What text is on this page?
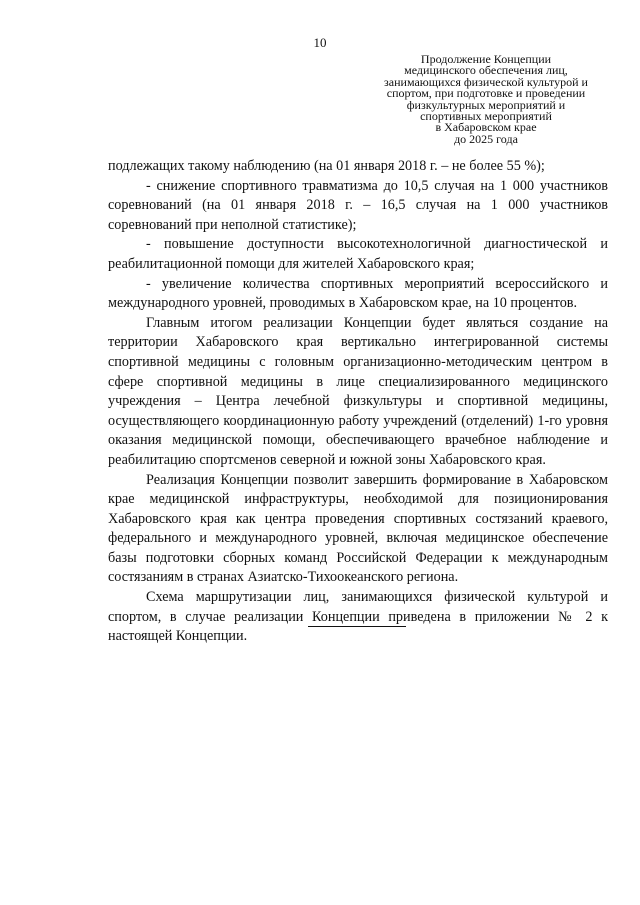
10
Продолжение Концепции
медицинского обеспечения лиц,
занимающихся физической культурой и
спортом, при подготовке и проведении
физкультурных мероприятий и
спортивных мероприятий
в Хабаровском крае
до 2025 года

подлежащих такому наблюдению (на 01 января 2018 г. – не более 55 %);

- снижение спортивного травматизма до 10,5 случая на 1 000 участников соревнований (на 01 января 2018 г. – 16,5 случая на 1 000 участников соревнований при неполной статистике);

- повышение доступности высокотехнологичной диагностической и реабилитационной помощи для жителей Хабаровского края;

- увеличение количества спортивных мероприятий всероссийского и международного уровней, проводимых в Хабаровском крае, на 10 процентов.

Главным итогом реализации Концепции будет являться создание на территории Хабаровского края вертикально интегрированной системы спортивной медицины с головным организационно-методическим центром в сфере спортивной медицины в лице специализированного медицинского учреждения – Центра лечебной физкультуры и спортивной медицины, осуществляющего координационную работу учреждений (отделений) 1-го уровня оказания медицинской помощи, обеспечивающего врачебное наблюдение и реабилитацию спортсменов северной и южной зоны Хабаровского края.

Реализация Концепции позволит завершить формирование в Хабаровском крае медицинской инфраструктуры, необходимой для позиционирования Хабаровского края как центра проведения спортивных состязаний краевого, федерального и международного уровней, включая медицинское обеспечение базы подготовки сборных команд Российской Федерации к международным состязаниям в странах Азиатско-Тихоокеанского региона.

Схема маршрутизации лиц, занимающихся физической культурой и спортом, в случае реализации Концепции приведена в приложении № 2 к настоящей Концепции.
